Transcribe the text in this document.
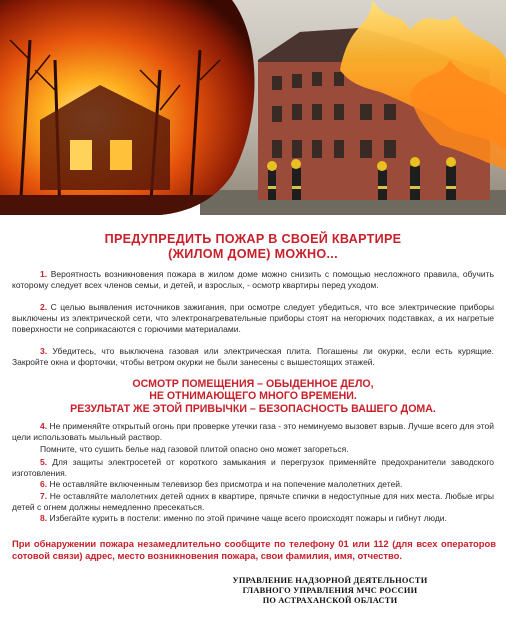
ПРЕДУПРЕДИТЬ ПОЖАР В СВОЕЙ КВАРТИРЕ
(ЖИЛОМ ДОМЕ) МОЖНО...
1. Вероятность возникновения пожара в жилом доме можно снизить с помощью несложного правила, обучить которому следует всех членов семьи, и детей, и взрослых, - осмотр квартиры перед уходом.
2. С целью выявления источников зажигания, при осмотре следует убедиться, что все электрические приборы выключены из электрической сети, что электронагревательные приборы стоят на негорючих подставках, а их нагретые поверхности не соприкасаются с горючими материалами.
3. Убедитесь, что выключена газовая или электрическая плита. Погашены ли окурки, если есть курящие. Закройте окна и форточки, чтобы ветром окурки не были занесены с вышестоящих этажей.
ОСМОТР ПОМЕЩЕНИЯ – ОБЫДЕННОЕ ДЕЛО,
НЕ ОТНИМАЮЩЕГО МНОГО ВРЕМЕНИ.
РЕЗУЛЬТАТ ЖЕ ЭТОЙ ПРИВЫЧКИ – БЕЗОПАСНОСТЬ ВАШЕГО ДОМА.
4. Не применяйте открытый огонь при проверке утечки газа - это неминуемо вызовет взрыв. Лучше всего для этой цели использовать мыльный раствор.
Помните, что сушить белье над газовой плитой опасно оно может загореться.
5. Для защиты электросетей от короткого замыкания и перегрузок применяйте предохранители заводского изготовления.
6. Не оставляйте включенным телевизор без присмотра и на попечение малолетних детей.
7. Не оставляйте малолетних детей одних в квартире, прячьте спички в недоступные для них места. Любые игры детей с огнем должны немедленно пресекаться.
8. Избегайте курить в постели: именно по этой причине чаще всего происходят пожары и гибнут люди.
При обнаружении пожара незамедлительно сообщите по телефону 01 или 112 (для всех операторов сотовой связи) адрес, место возникновения пожара, свои фамилия, имя, отчество.
УПРАВЛЕНИЕ НАДЗОРНОЙ ДЕЯТЕЛЬНОСТИ
ГЛАВНОГО УПРАВЛЕНИЯ МЧС РОССИИ
ПО АСТРАХАНСКОЙ ОБЛАСТИ
